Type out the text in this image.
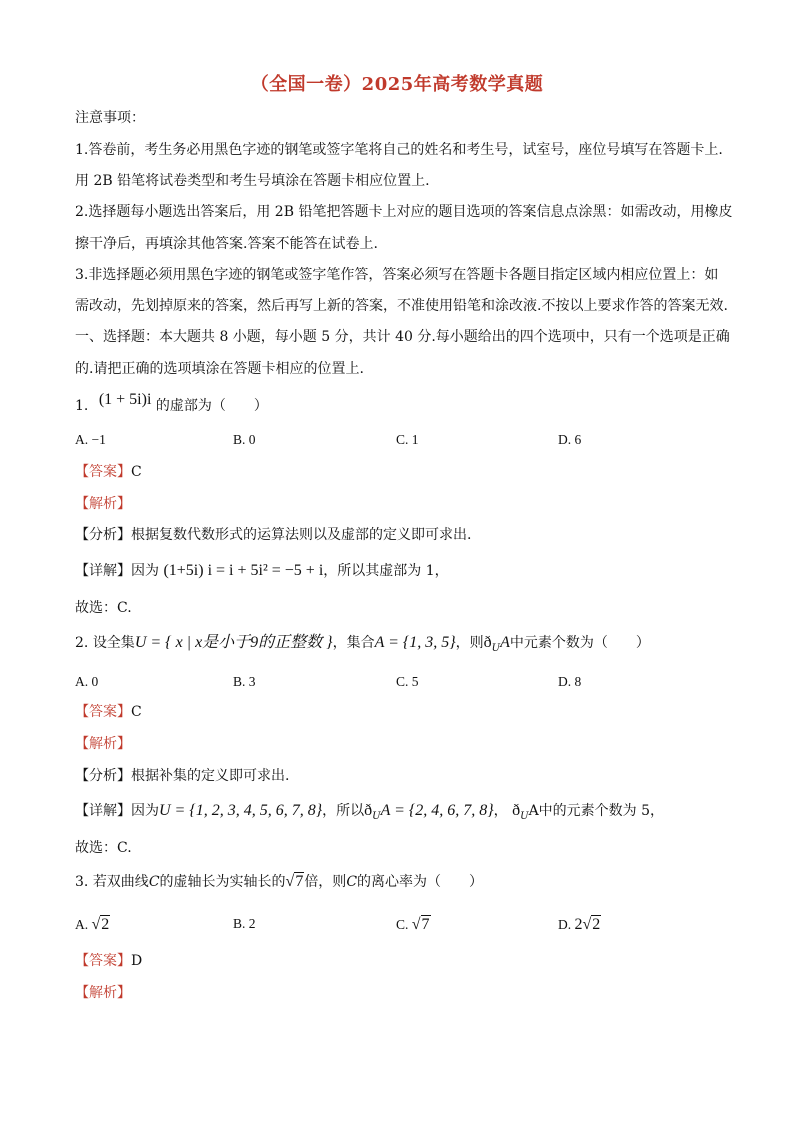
（全国一卷）2025年高考数学真题
注意事项：
1.答卷前，考生务必用黑色字迹的钢笔或签字笔将自己的姓名和考生号，试室号，座位号填写在答题卡上.
用 2B 铅笔将试卷类型和考生号填涂在答题卡相应位置上.
2.选择题每小题选出答案后，用 2B 铅笔把答题卡上对应的题目选项的答案信息点涂黑：如需改动，用橡皮
擦干净后，再填涂其他答案.答案不能答在试卷上.
3.非选择题必须用黑色字迹的钢笔或签字笔作答，答案必须写在答题卡各题目指定区域内相应位置上：如
需改动，先划掉原来的答案，然后再写上新的答案，不准使用铅笔和涂改液.不按以上要求作答的答案无效.
一、选择题：本大题共 8 小题，每小题 5 分，共计 40 分.每小题给出的四个选项中，只有一个选项是正确
的.请把正确的选项填涂在答题卡相应的位置上.
1. (1 + 5i)i 的虚部为（　　）
A. −1	B. 0	C. 1	D. 6
【答案】C
【解析】
【分析】根据复数代数形式的运算法则以及虚部的定义即可求出.
【详解】因为 (1+5i) i = i + 5i² = −5 + i，所以其虚部为 1，
故选：C.
2. 设全集U = { x | x是小于9的正整数 }，集合A = {1, 3, 5}，则$ð_UA$中元素个数为（　　）
A. 0	B. 3	C. 5	D. 8
【答案】C
【解析】
【分析】根据补集的定义即可求出.
【详解】因为U = {1, 2, 3, 4, 5, 6, 7, 8}，所以$ð_UA = \{2$, 4, 6, 7, 8}， $ð_UA$中的元素个数为 5，
故选：C.
3. 若双曲线C的虚轴长为实轴长的√7倍，则C的离心率为（　　）
A. √2	B. 2	C. √7	D. 2√2
【答案】D
【解析】
